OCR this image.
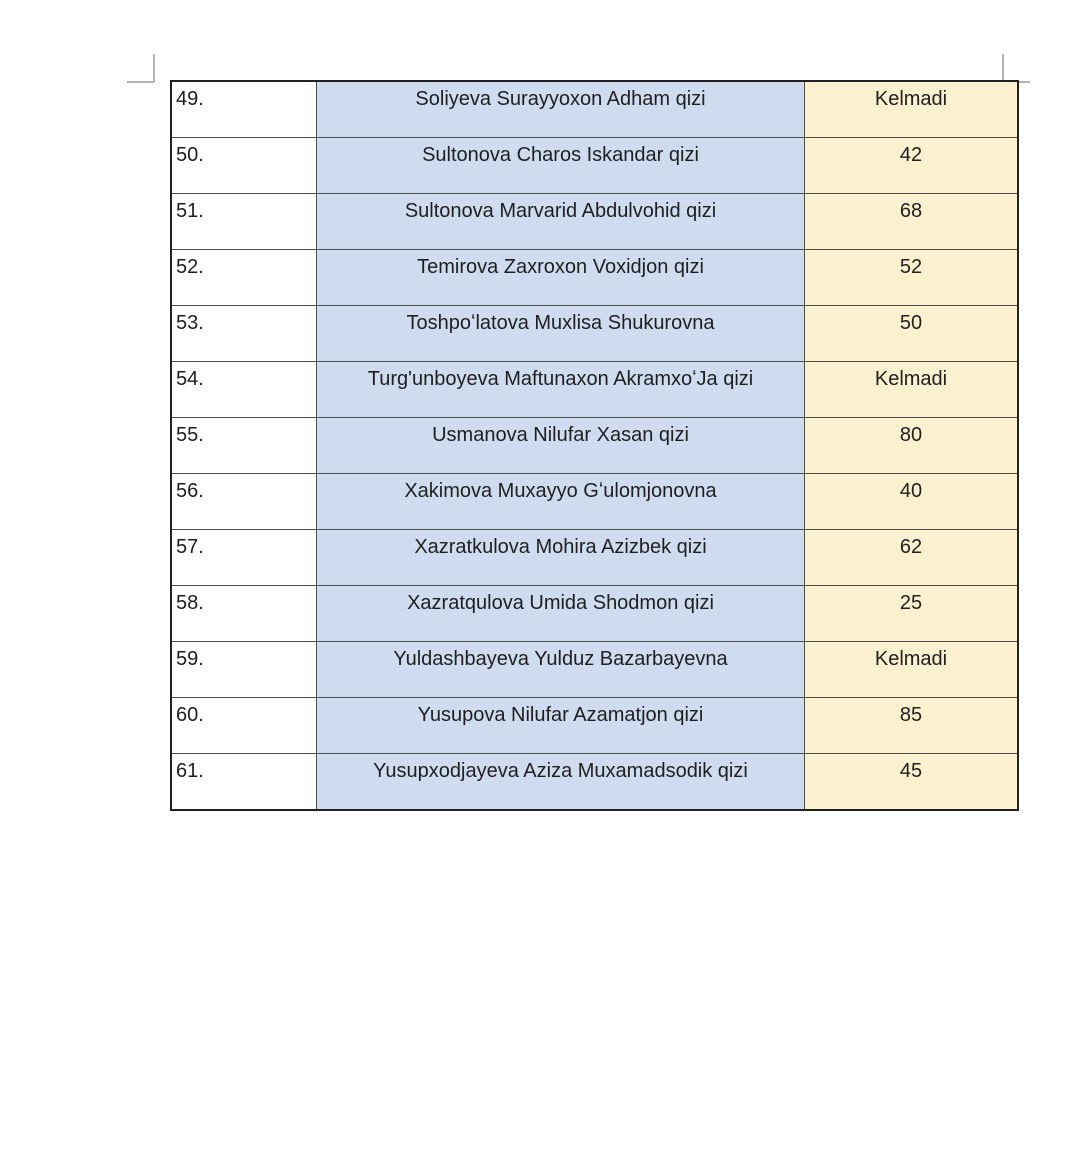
49.	Soliyeva Surayyoxon Adham qizi	Kelmadi
50.	Sultonova Charos Iskandar qizi	42
51.	Sultonova Marvarid Abdulvohid qizi	68
52.	Temirova Zaxroxon Voxidjon qizi	52
53.	Toshpoʻlatova Muxlisa Shukurovna	50
54.	Turg'unboyeva Maftunaxon AkramxoʻJa qizi	Kelmadi
55.	Usmanova Nilufar Xasan qizi	80
56.	Xakimova Muxayyo Gʻulomjonovna	40
57.	Xazratkulova Mohira Azizbek qizi	62
58.	Xazratqulova Umida Shodmon qizi	25
59.	Yuldashbayeva Yulduz Bazarbayevna	Kelmadi
60.	Yusupova Nilufar Azamatjon qizi	85
61.	Yusupxodjayeva Aziza Muxamadsodik qizi	45
